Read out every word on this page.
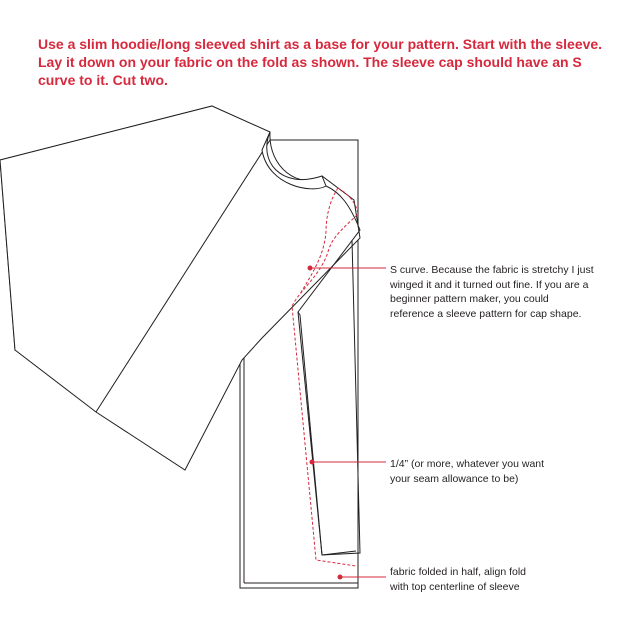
Use a slim hoodie/long sleeved shirt as a base for your pattern. Start with the sleeve.
Lay it down on your fabric on the fold as shown. The sleeve cap should have an S
curve to it. Cut two.
S curve. Because the fabric is stretchy I just
winged it and it turned out fine. If you are a
beginner pattern maker, you could
reference a sleeve pattern for cap shape.
1/4” (or more, whatever you want
your seam allowance to be)
fabric folded in half, align fold
with top centerline of sleeve
